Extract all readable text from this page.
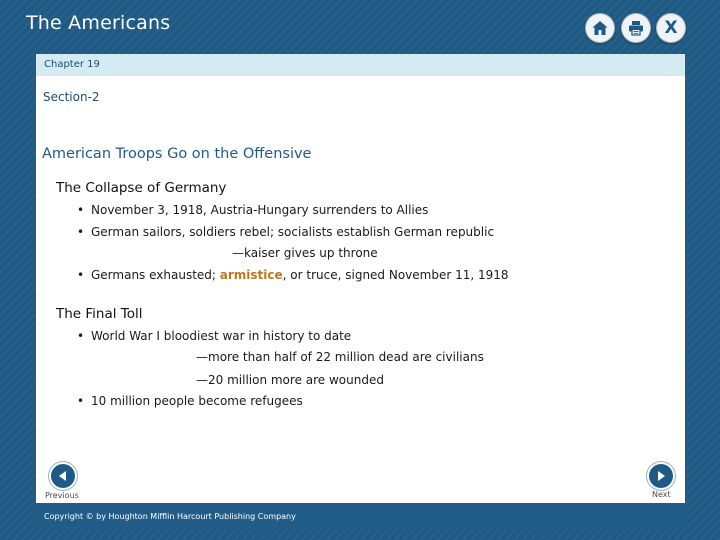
The Americans	X
Chapter 19
Section-2
American Troops Go on the Offensive
The Collapse of Germany
• November 3, 1918, Austria-Hungary surrenders to Allies
• German sailors, soldiers rebel; socialists establish German republic
—kaiser gives up throne
• Germans exhausted; armistice, or truce, signed November 11, 1918
The Final Toll
• World War I bloodiest war in history to date
—more than half of 22 million dead are civilians
—20 million more are wounded
• 10 million people become refugees
Previous	Next
Copyright © by Houghton Mifflin Harcourt Publishing Company
